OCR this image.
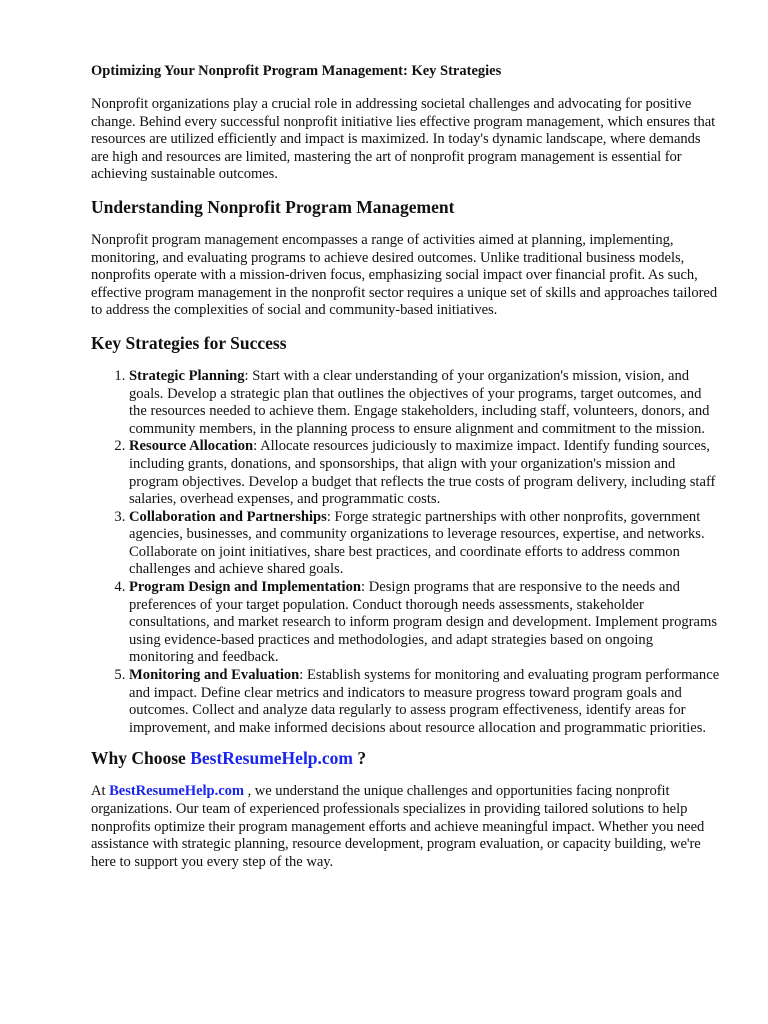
Optimizing Your Nonprofit Program Management: Key Strategies

Nonprofit organizations play a crucial role in addressing societal challenges and advocating for positive change. Behind every successful nonprofit initiative lies effective program management, which ensures that resources are utilized efficiently and impact is maximized. In today's dynamic landscape, where demands are high and resources are limited, mastering the art of nonprofit program management is essential for achieving sustainable outcomes.

Understanding Nonprofit Program Management

Nonprofit program management encompasses a range of activities aimed at planning, implementing, monitoring, and evaluating programs to achieve desired outcomes. Unlike traditional business models, nonprofits operate with a mission-driven focus, emphasizing social impact over financial profit. As such, effective program management in the nonprofit sector requires a unique set of skills and approaches tailored to address the complexities of social and community-based initiatives.

Key Strategies for Success
1. Strategic Planning: Start with a clear understanding of your organization's mission, vision, and goals. Develop a strategic plan that outlines the objectives of your programs, target outcomes, and the resources needed to achieve them. Engage stakeholders, including staff, volunteers, donors, and community members, in the planning process to ensure alignment and commitment to the mission.
2. Resource Allocation: Allocate resources judiciously to maximize impact. Identify funding sources, including grants, donations, and sponsorships, that align with your organization's mission and program objectives. Develop a budget that reflects the true costs of program delivery, including staff salaries, overhead expenses, and programmatic costs.
3. Collaboration and Partnerships: Forge strategic partnerships with other nonprofits, government agencies, businesses, and community organizations to leverage resources, expertise, and networks. Collaborate on joint initiatives, share best practices, and coordinate efforts to address common challenges and achieve shared goals.
4. Program Design and Implementation: Design programs that are responsive to the needs and preferences of your target population. Conduct thorough needs assessments, stakeholder consultations, and market research to inform program design and development. Implement programs using evidence-based practices and methodologies, and adapt strategies based on ongoing monitoring and feedback.
5. Monitoring and Evaluation: Establish systems for monitoring and evaluating program performance and impact. Define clear metrics and indicators to measure progress toward program goals and outcomes. Collect and analyze data regularly to assess program effectiveness, identify areas for improvement, and make informed decisions about resource allocation and programmatic priorities.
Why Choose BestResumeHelp.com ?

At BestResumeHelp.com , we understand the unique challenges and opportunities facing nonprofit organizations. Our team of experienced professionals specializes in providing tailored solutions to help nonprofits optimize their program management efforts and achieve meaningful impact. Whether you need assistance with strategic planning, resource development, program evaluation, or capacity building, we're here to support you every step of the way.
